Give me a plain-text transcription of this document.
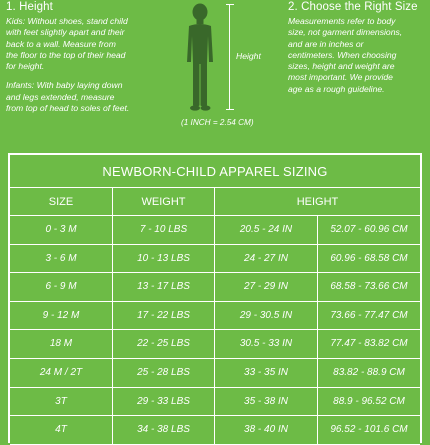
1. Height

Kids: Without shoes, stand child

with feet slightly apart and their

back to a wall. Measure from

the floor to the top of their head

for height.

Infants: With baby laying down

and legs extended, measure

from top of head to soles of feet.

Height
(1 INCH = 2.54 CM)
2. Choose the Right Size

Measurements refer to body

size, not garment dimensions,

and are in inches or

centimeters. When choosing

sizes, height and weight are

most important. We provide

age as a rough guideline.

NEWBORN-CHILD APPAREL SIZING
SIZE	WEIGHT	HEIGHT
0 - 3 M	7 - 10 LBS	20.5 - 24 IN	52.07 - 60.96 CM
3 - 6 M	10 - 13 LBS	24 - 27 IN	60.96 - 68.58 CM
6 - 9 M	13 - 17 LBS	27 - 29 IN	68.58 - 73.66 CM
9 - 12 M	17 - 22 LBS	29 - 30.5 IN	73.66 - 77.47 CM
18 M	22 - 25 LBS	30.5 - 33 IN	77.47 - 83.82 CM
24 M / 2T	25 - 28 LBS	33 - 35 IN	83.82 - 88.9 CM
3T	29 - 33 LBS	35 - 38 IN	88.9 - 96.52 CM
4T	34 - 38 LBS	38 - 40 IN	96.52 - 101.6 CM
